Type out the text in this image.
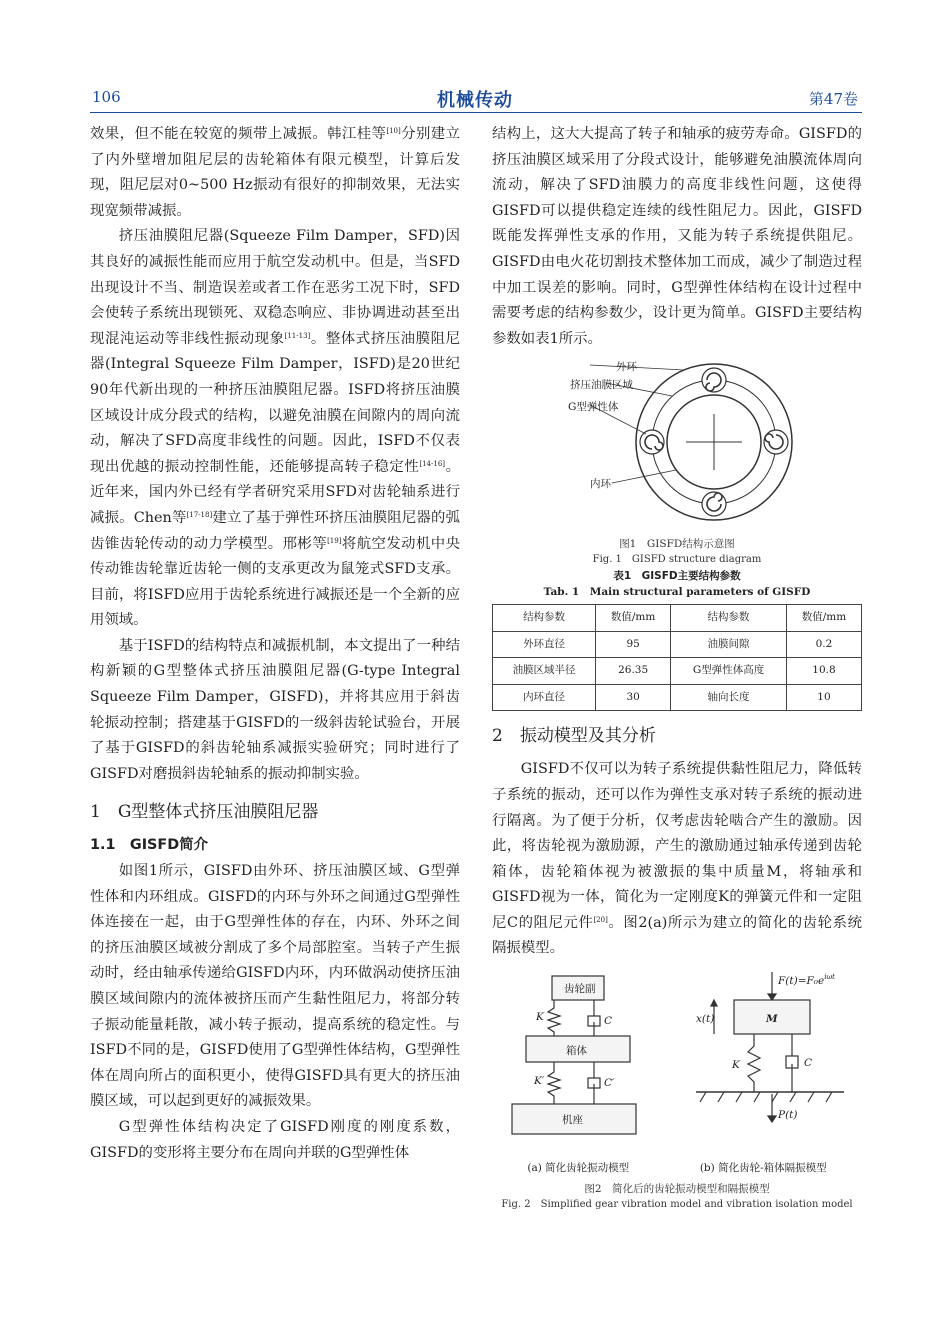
106	机械传动	第47卷

效果，但不能在较宽的频带上减振。韩江桂等[10]分别建立了内外壁增加阻尼层的齿轮箱体有限元模型，计算后发现，阻尼层对0~500 Hz振动有很好的抑制效果，无法实现宽频带减振。

挤压油膜阻尼器(Squeeze Film Damper，SFD)因其良好的减振性能而应用于航空发动机中。但是，当SFD出现设计不当、制造误差或者工作在恶劣工况下时，SFD会使转子系统出现锁死、双稳态响应、非协调进动甚至出现混沌运动等非线性振动现象[11-13]。整体式挤压油膜阻尼器(Integral Squeeze Film Damper，ISFD)是20世纪90年代新出现的一种挤压油膜阻尼器。ISFD将挤压油膜区域设计成分段式的结构，以避免油膜在间隙内的周向流动，解决了SFD高度非线性的问题。因此，ISFD不仅表现出优越的振动控制性能，还能够提高转子稳定性[14-16]。近年来，国内外已经有学者研究采用SFD对齿轮轴系进行减振。Chen等[17-18]建立了基于弹性环挤压油膜阻尼器的弧齿锥齿轮传动的动力学模型。邢彬等[19]将航空发动机中央传动锥齿轮靠近齿轮一侧的支承更改为鼠笼式SFD支承。目前，将ISFD应用于齿轮系统进行减振还是一个全新的应用领域。

基于ISFD的结构特点和减振机制，本文提出了一种结构新颖的G型整体式挤压油膜阻尼器(G-type Integral Squeeze Film Damper，GISFD)，并将其应用于斜齿轮振动控制；搭建基于GISFD的一级斜齿轮试验台，开展了基于GISFD的斜齿轮轴系减振实验研究；同时进行了GISFD对磨损斜齿轮轴系的振动抑制实验。

1　G型整体式挤压油膜阻尼器
1.1　GISFD简介

如图1所示，GISFD由外环、挤压油膜区域、G型弹性体和内环组成。GISFD的内环与外环之间通过G型弹性体连接在一起，由于G型弹性体的存在，内环、外环之间的挤压油膜区域被分割成了多个局部腔室。当转子产生振动时，经由轴承传递给GISFD内环，内环做涡动使挤压油膜区域间隙内的流体被挤压而产生黏性阻尼力，将部分转子振动能量耗散，减小转子振动，提高系统的稳定性。与ISFD不同的是，GISFD使用了G型弹性体结构，G型弹性体在周向所占的面积更小，使得GISFD具有更大的挤压油膜区域，可以起到更好的减振效果。

G型弹性体结构决定了GISFD刚度的刚度系数，GISFD的变形将主要分布在周向并联的G型弹性体

结构上，这大大提高了转子和轴承的疲劳寿命。GISFD的挤压油膜区域采用了分段式设计，能够避免油膜流体周向流动，解决了SFD油膜力的高度非线性问题，这使得GISFD可以提供稳定连续的线性阻尼力。因此，GISFD既能发挥弹性支承的作用，又能为转子系统提供阻尼。GISFD由电火花切割技术整体加工而成，减少了制造过程中加工误差的影响。同时，G型弹性体结构在设计过程中需要考虑的结构参数少，设计更为简单。GISFD主要结构参数如表1所示。

外环
挤压油膜区域
G型弹性体
内环
图1　GISFD结构示意图
Fig. 1　GISFD structure diagram
表1　GISFD主要结构参数
Tab. 1　Main structural parameters of GISFD
结构参数	数值/mm	结构参数	数值/mm
外环直径	95	油膜间隙	0.2
油膜区域半径	26.35	G型弹性体高度	10.8
内环直径	30	轴向长度	10
2　振动模型及其分析

GISFD不仅可以为转子系统提供黏性阻尼力，降低转子系统的振动，还可以作为弹性支承对转子系统的振动进行隔离。为了便于分析，仅考虑齿轮啮合产生的激励。因此，将齿轮视为激励源，产生的激励通过轴承传递到齿轮箱体，齿轮箱体视为被激振的集中质量M，将轴承和GISFD视为一体，简化为一定刚度K的弹簧元件和一定阻尼C的阻尼元件[20]。图2(a)所示为建立的简化的齿轮系统隔振模型。

齿轮副
箱体
机座
K	C
K′	C′
$F(t)=F_0e^{i\omega t}$
x(t)	M
K	C
P(t)
(a) 简化齿轮振动模型	(b) 简化齿轮-箱体隔振模型
图2　简化后的齿轮振动模型和隔振模型
Fig. 2　Simplified gear vibration model and vibration isolation model
